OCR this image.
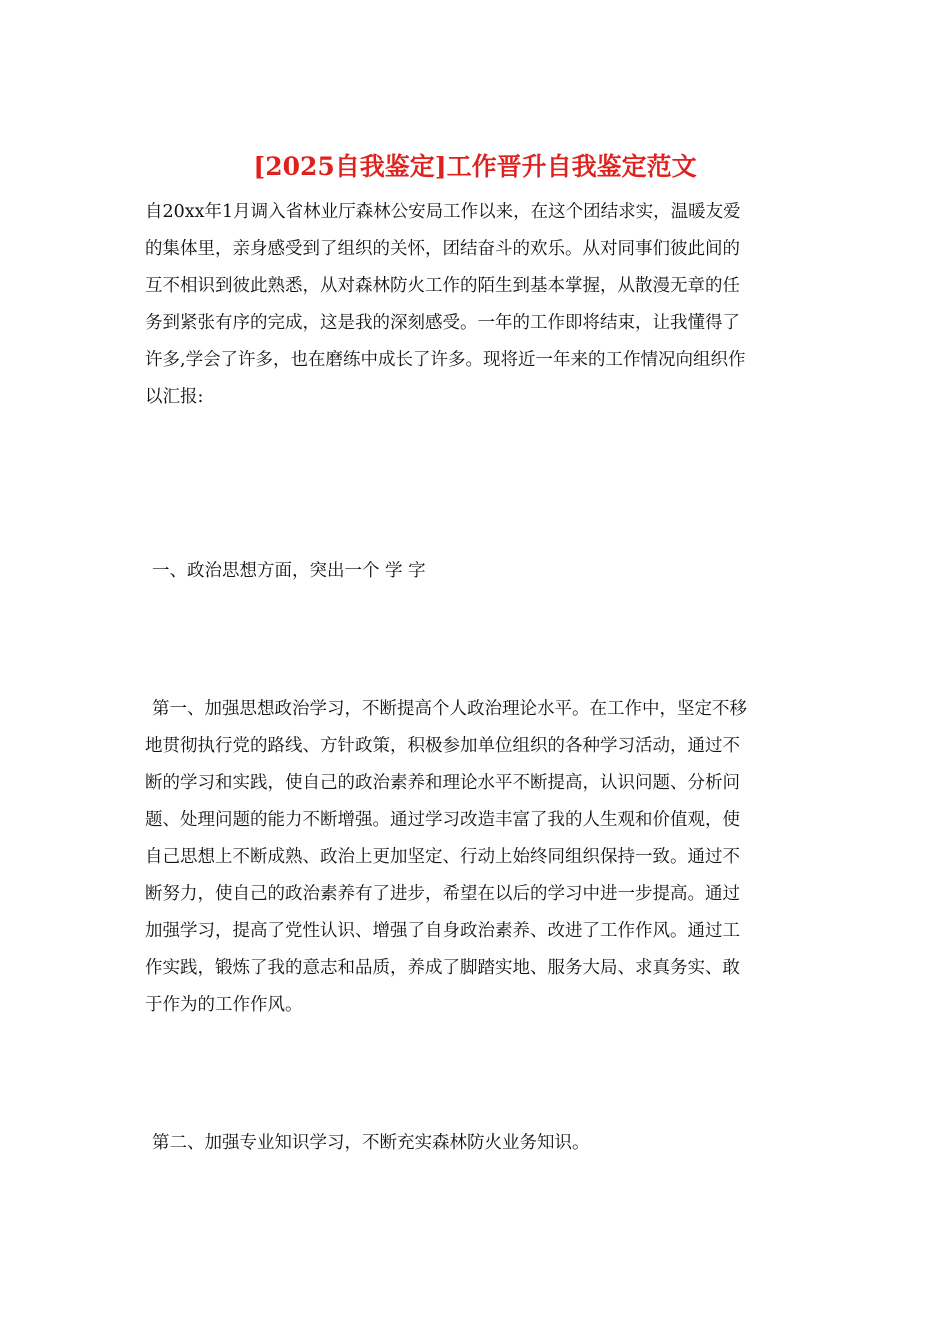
[2025自我鉴定]工作晋升自我鉴定范文
自20xx年1月调入省林业厅森林公安局工作以来，在这个团结求实，温暖友爱
的集体里，亲身感受到了组织的关怀，团结奋斗的欢乐。从对同事们彼此间的
互不相识到彼此熟悉，从对森林防火工作的陌生到基本掌握，从散漫无章的任
务到紧张有序的完成，这是我的深刻感受。一年的工作即将结束，让我懂得了
许多,学会了许多，也在磨练中成长了许多。现将近一年来的工作情况向组织作
以汇报:
一、政治思想方面，突出一个 学 字
第一、加强思想政治学习，不断提高个人政治理论水平。在工作中，坚定不移
地贯彻执行党的路线、方针政策，积极参加单位组织的各种学习活动，通过不
断的学习和实践，使自己的政治素养和理论水平不断提高，认识问题、分析问
题、处理问题的能力不断增强。通过学习改造丰富了我的人生观和价值观，使
自己思想上不断成熟、政治上更加坚定、行动上始终同组织保持一致。通过不
断努力，使自己的政治素养有了进步，希望在以后的学习中进一步提高。通过
加强学习，提高了党性认识、增强了自身政治素养、改进了工作作风。通过工
作实践，锻炼了我的意志和品质，养成了脚踏实地、服务大局、求真务实、敢
于作为的工作作风。
第二、加强专业知识学习，不断充实森林防火业务知识。
